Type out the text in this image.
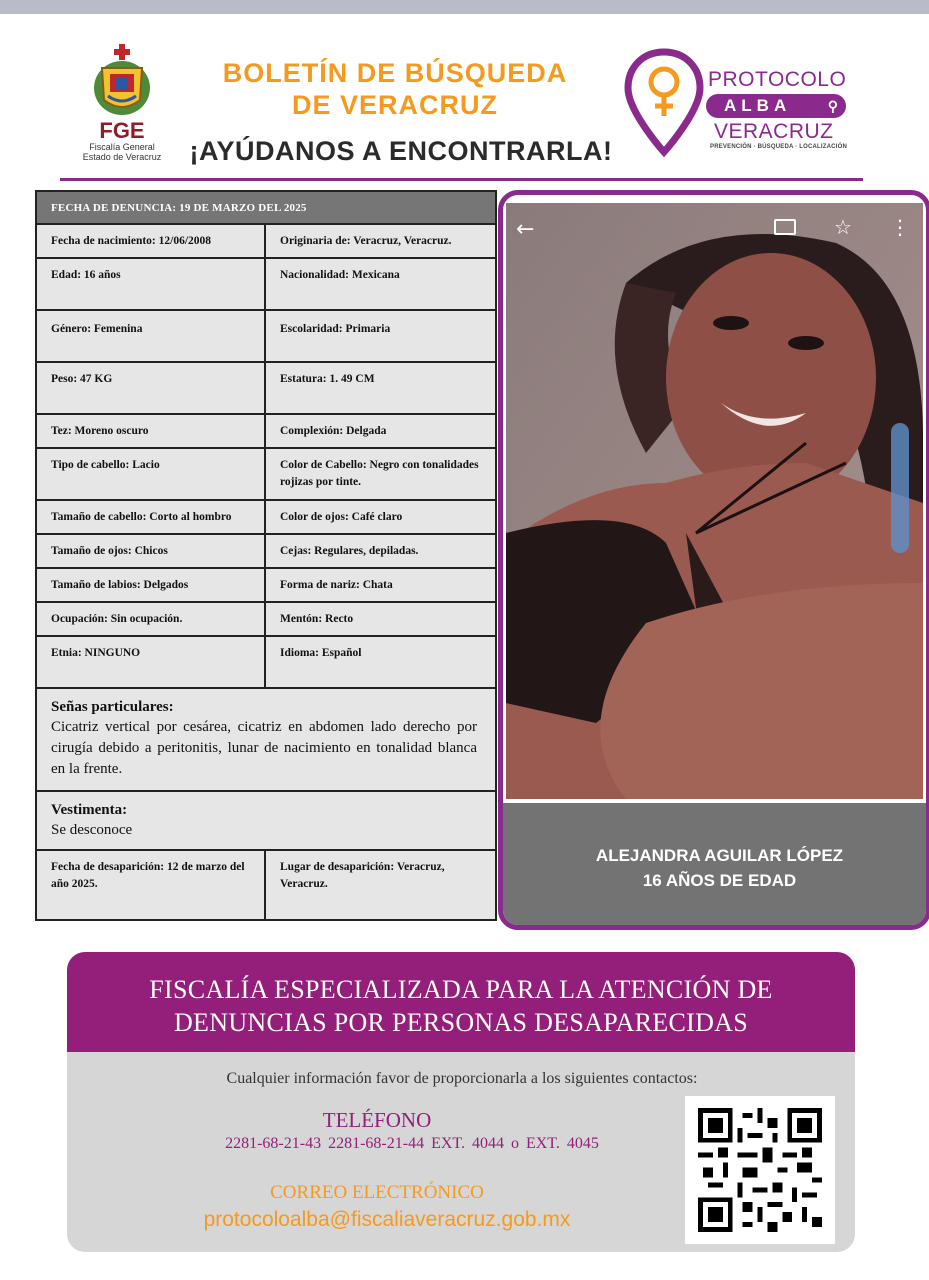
FGE
Fiscalía General
Estado de Veracruz
BOLETÍN DE BÚSQUEDA
DE VERACRUZ
¡AYÚDANOS A ENCONTRARLA!
PROTOCOLO
ALBA	⚲
VERACRUZ
PREVENCIÓN · BÚSQUEDA · LOCALIZACIÓN
FECHA DE DENUNCIA: 19 DE MARZO DEL 2025
Fecha de nacimiento: 12/06/2008	Originaria de: Veracruz, Veracruz.
Edad: 16 años	Nacionalidad: Mexicana
Género: Femenina	Escolaridad: Primaria
Peso: 47 KG	Estatura: 1. 49 CM
Tez: Moreno oscuro	Complexión: Delgada
Tipo de cabello: Lacio	Color de Cabello: Negro con tonalidades rojizas por tinte.
Tamaño de cabello: Corto al hombro	Color de ojos: Café claro
Tamaño de ojos: Chicos	Cejas: Regulares, depiladas.
Tamaño de labios: Delgados	Forma de nariz: Chata
Ocupación: Sin ocupación.	Mentón: Recto
Etnia: NINGUNO	Idioma: Español
Señas particulares:
Cicatriz vertical por cesárea, cicatriz en abdomen lado derecho por cirugía debido a peritonitis, lunar de nacimiento en tonalidad blanca en la frente.
Vestimenta:
Se desconoce
Fecha de desaparición: 12 de marzo del año 2025.
Lugar de desaparición: Veracruz, Veracruz.
←	☆ ⋮
ALEJANDRA AGUILAR LÓPEZ
16 AÑOS DE EDAD
FISCALÍA ESPECIALIZADA PARA LA ATENCIÓN DE
DENUNCIAS POR PERSONAS DESAPARECIDAS
Cualquier información favor de proporcionarla a los siguientes contactos:
TELÉFONO
2281-68-21-43 2281-68-21-44 EXT. 4044 o EXT. 4045
CORREO ELECTRÓNICO
protocoloalba@fiscaliaveracruz.gob.mx
